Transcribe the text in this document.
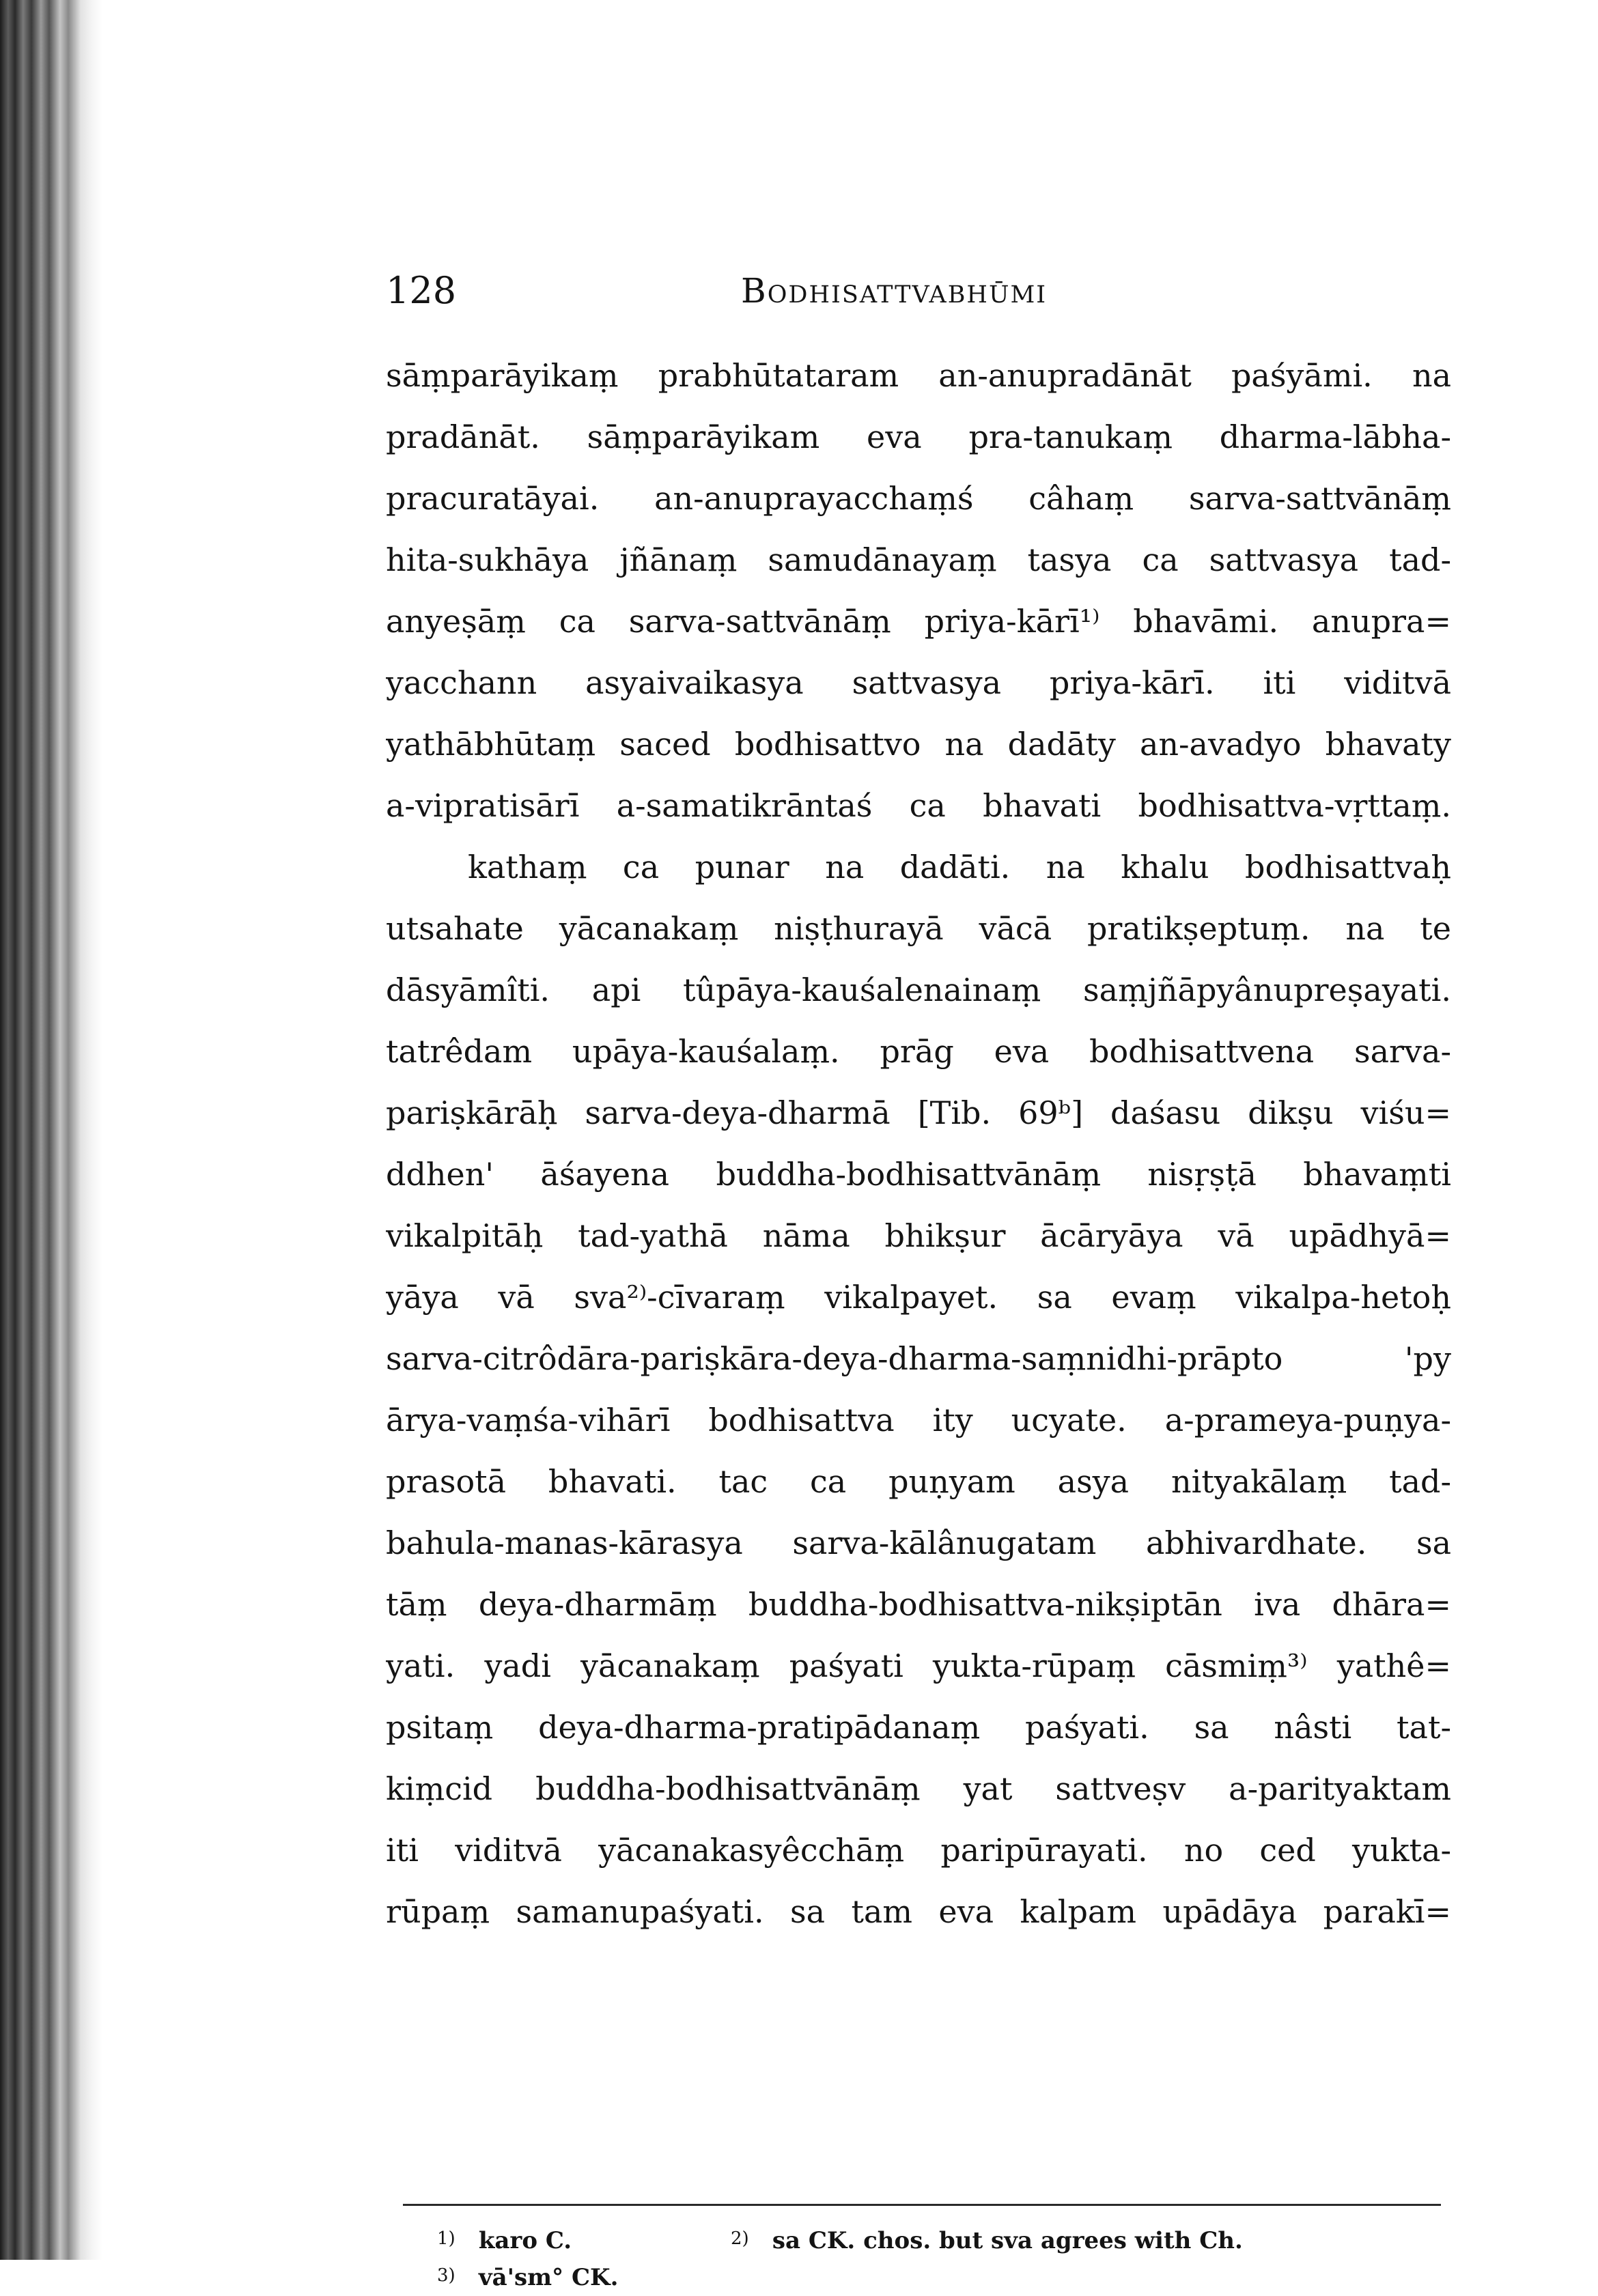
128	Bodhisattvabhūmi
sāṃparāyikaṃ prabhūtataram an-anupradānāt paśyāmi. na
pradānāt. sāṃparāyikam eva pra-tanukaṃ dharma-lābha-
pracuratāyai. an-anuprayacchaṃś câhaṃ sarva-sattvānāṃ
hita-sukhāya jñānaṃ samudānayaṃ tasya ca sattvasya tad-
anyeṣāṃ ca sarva-sattvānāṃ priya-kārī¹⁾ bhavāmi. anupra=
yacchann asyaivaikasya sattvasya priya-kārī. iti viditvā
yathābhūtaṃ saced bodhisattvo na dadāty an-avadyo bhavaty
a-vipratisārī a-samatikrāntaś ca bhavati bodhisattva-vṛttaṃ.
kathaṃ ca punar na dadāti. na khalu bodhisattvaḥ
utsahate yācanakaṃ niṣṭhurayā vācā pratikṣeptuṃ. na te
dāsyāmîti. api tûpāya-kauśalenainaṃ saṃjñāpyânupreṣayati.
tatrêdam upāya-kauśalaṃ. prāg eva bodhisattvena sarva-
pariṣkārāḥ sarva-deya-dharmā [Tib. 69ᵇ] daśasu dikṣu viśu=
ddhen' āśayena buddha-bodhisattvānāṃ nisṛṣṭā bhavaṃti
vikalpitāḥ tad-yathā nāma bhikṣur ācāryāya vā upādhyā=
yāya vā sva²⁾-cīvaraṃ vikalpayet. sa evaṃ vikalpa-hetoḥ
sarva-citrôdāra-pariṣkāra-deya-dharma-saṃnidhi-prāpto 'py
ārya-vaṃśa-vihārī bodhisattva ity ucyate. a-prameya-puṇya-
prasotā bhavati. tac ca puṇyam asya nityakālaṃ tad-
bahula-manas-kārasya sarva-kālânugatam abhivardhate. sa
tāṃ deya-dharmāṃ buddha-bodhisattva-nikṣiptān iva dhāra=
yati. yadi yācanakaṃ paśyati yukta-rūpaṃ cāsmiṃ³⁾ yathê=
psitaṃ deya-dharma-pratipādanaṃ paśyati. sa nâsti tat-
kiṃcid buddha-bodhisattvānāṃ yat sattveṣv a-parityaktam
iti viditvā yācanakasyêcchāṃ paripūrayati. no ced yukta-
rūpaṃ samanupaśyati. sa tam eva kalpam upādāya parakī=
1) karo C.	2) sa CK. chos. but sva agrees with Ch.
3) vā'sm° CK.
